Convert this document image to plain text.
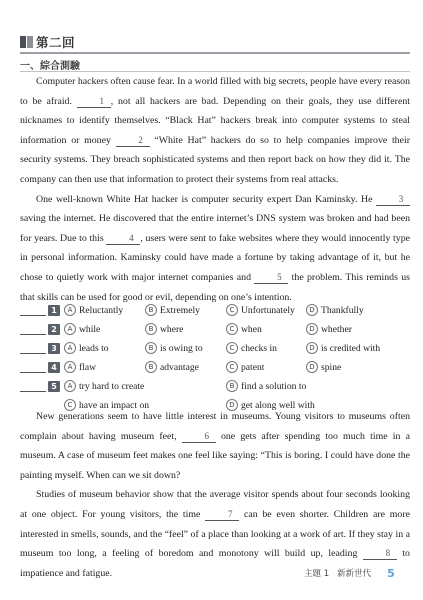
第二回
一、綜合測驗

Computer hackers often cause fear. In a world filled with big secrets, people have every reason to be afraid.	1 , not all hackers are bad. Depending on their goals, they use different nicknames to identify themselves. “Black Hat” hackers break into computer systems to steal information or money	2 “White Hat” hackers do so to help companies improve their security systems. They breach sophisticated systems and then report back on how they did it. The company can then use that information to protect their systems from real attacks.

One well-known White Hat hacker is computer security expert Dan Kaminsky. He	3 saving the internet. He discovered that the entire internet’s DNS system was broken and had been for years. Due to this	4 , users were sent to fake websites where they would innocently type in personal information. Kaminsky could have made a fortune by taking advantage of it, but he chose to quietly work with major internet companies and	5 the problem. This reminds us that skills can be used for good or evil, depending on one’s intention.

1	A Reluctantly	B Extremely	C Unfortunately	D Thankfully
2	A while	B where	C when	D whether
3	A leads to	B is owing to	C checks in	D is credited with
4	A flaw	B advantage	C patent	D spine
5	A try hard to create	B find a solution to
C have an impact on	D get along well with

New generations seem to have little interest in museums. Young visitors to museums often complain about having museum feet,	6 one gets after spending too much time in a museum. A case of museum feet makes one feel like saying: “This is boring. I could have done the painting myself. When can we sit down?

Studies of museum behavior show that the average visitor spends about four seconds looking at one object. For young visitors, the time	7 can be even shorter. Children are more interested in smells, sounds, and the “feel” of a place than looking at a work of art. If they stay in a museum too long, a feeling of boredom and monotony will build up, leading	8 to impatience and fatigue.	主題 1 新新世代 5
